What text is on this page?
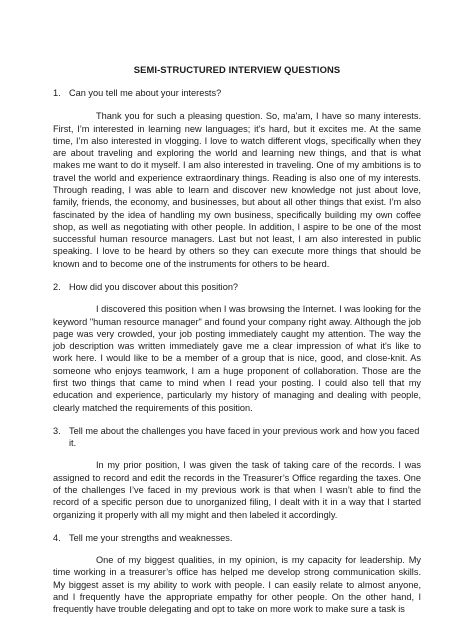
SEMI-STRUCTURED INTERVIEW QUESTIONS
1. Can you tell me about your interests?

Thank you for such a pleasing question. So, ma'am, I have so many interests. First, I’m interested in learning new languages; it’s hard, but it excites me. At the same time, I’m also interested in vlogging. I love to watch different vlogs, specifically when they are about traveling and exploring the world and learning new things, and that is what makes me want to do it myself. I am also interested in traveling. One of my ambitions is to travel the world and experience extraordinary things. Reading is also one of my interests. Through reading, I was able to learn and discover new knowledge not just about love, family, friends, the economy, and businesses, but about all other things that exist. I’m also fascinated by the idea of handling my own business, specifically building my own coffee shop, as well as negotiating with other people. In addition, I aspire to be one of the most successful human resource managers. Last but not least, I am also interested in public speaking. I love to be heard by others so they can execute more things that should be known and to become one of the instruments for others to be heard.

2. How did you discover about this position?

I discovered this position when I was browsing the Internet. I was looking for the keyword "human resource manager" and found your company right away. Although the job page was very crowded, your job posting immediately caught my attention. The way the job description was written immediately gave me a clear impression of what it's like to work here. I would like to be a member of a group that is nice, good, and close-knit. As someone who enjoys teamwork, I am a huge proponent of collaboration. Those are the first two things that came to mind when I read your posting. I could also tell that my education and experience, particularly my history of managing and dealing with people, clearly matched the requirements of this position.

3. Tell me about the challenges you have faced in your previous work and how you faced it.

In my prior position, I was given the task of taking care of the records. I was assigned to record and edit the records in the Treasurer’s Office regarding the taxes. One of the challenges I’ve faced in my previous work is that when I wasn’t able to find the record of a specific person due to unorganized filing, I dealt with it in a way that I started organizing it properly with all my might and then labeled it accordingly.

4. Tell me your strengths and weaknesses.

One of my biggest qualities, in my opinion, is my capacity for leadership. My time working in a treasurer’s office has helped me develop strong communication skills. My biggest asset is my ability to work with people. I can easily relate to almost anyone, and I frequently have the appropriate empathy for other people. On the other hand, I frequently have trouble delegating and opt to take on more work to make sure a task is
